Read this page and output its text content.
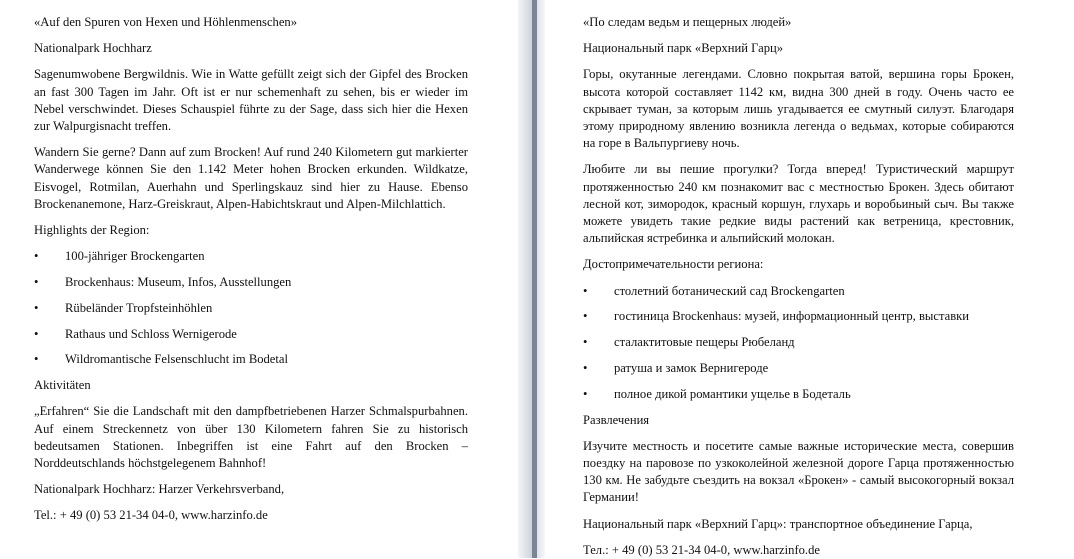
«Auf den Spuren von Hexen und Höhlenmenschen»

Nationalpark Hochharz

Sagenumwobene Bergwildnis. Wie in Watte gefüllt zeigt sich der Gipfel des Brocken an fast 300 Tagen im Jahr. Oft ist er nur schemenhaft zu sehen, bis er wieder im Nebel verschwindet. Dieses Schauspiel führte zu der Sage, dass sich hier die Hexen zur Walpurgisnacht treffen.

Wandern Sie gerne? Dann auf zum Brocken! Auf rund 240 Kilometern gut markierter Wanderwege können Sie den 1.142 Meter hohen Brocken erkunden. Wildkatze, Eisvogel, Rotmilan, Auerhahn und Sperlingskauz sind hier zu Hause. Ebenso Brockenanemone, Harz-Greiskraut, Alpen-Habichtskraut und Alpen-Milchlattich.

Highlights der Region:

• 100-jähriger Brockengarten
• Brockenhaus: Museum, Infos, Ausstellungen
• Rübeländer Tropfsteinhöhlen
• Rathaus und Schloss Wernigerode
• Wildromantische Felsenschlucht im Bodetal

Aktivitäten

„Erfahren“ Sie die Landschaft mit den dampfbetriebenen Harzer Schmalspurbahnen. Auf einem Streckennetz von über 130 Kilometern fahren Sie zu historisch bedeutsamen Stationen. Inbegriffen ist eine Fahrt auf den Brocken – Norddeutschlands höchstgelegenem Bahnhof!

Nationalpark Hochharz: Harzer Verkehrsverband,

Tel.: + 49 (0) 53 21-34 04-0, www.harzinfo.de

«По следам ведьм и пещерных людей»

Национальный парк «Верхний Гарц»

Горы, окутанные легендами. Словно покрытая ватой, вершина горы Брокен, высота которой составляет 1142 км, видна 300 дней в году. Очень часто ее скрывает туман, за которым лишь угадывается ее смутный силуэт. Благодаря этому природному явлению возникла легенда о ведьмах, которые собираются на горе в Вальпургиеву ночь.

Любите ли вы пешие прогулки? Тогда вперед! Туристический маршрут протяженностью 240 км познакомит вас с местностью Брокен. Здесь обитают лесной кот, зимородок, красный коршун, глухарь и воробьиный сыч. Вы также можете увидеть такие редкие виды растений как ветреница, крестовник, альпийская ястребинка и альпийский молокан.

Достопримечательности региона:

• столетний ботанический сад Brockengarten
• гостиница Brockenhaus: музей, информационный центр, выставки
• сталактитовые пещеры Рюбеланд
• ратуша и замок Вернигероде
• полное дикой романтики ущелье в Бодеталь

Развлечения

Изучите местность и посетите самые важные исторические места, совершив поездку на паровозе по узкоколейной железной дороге Гарца протяженностью 130 км. Не забудьте съездить на вокзал «Брокен» - самый высокогорный вокзал Германии!

Национальный парк «Верхний Гарц»: транспортное объединение Гарца,

Тел.: + 49 (0) 53 21-34 04-0, www.harzinfo.de
